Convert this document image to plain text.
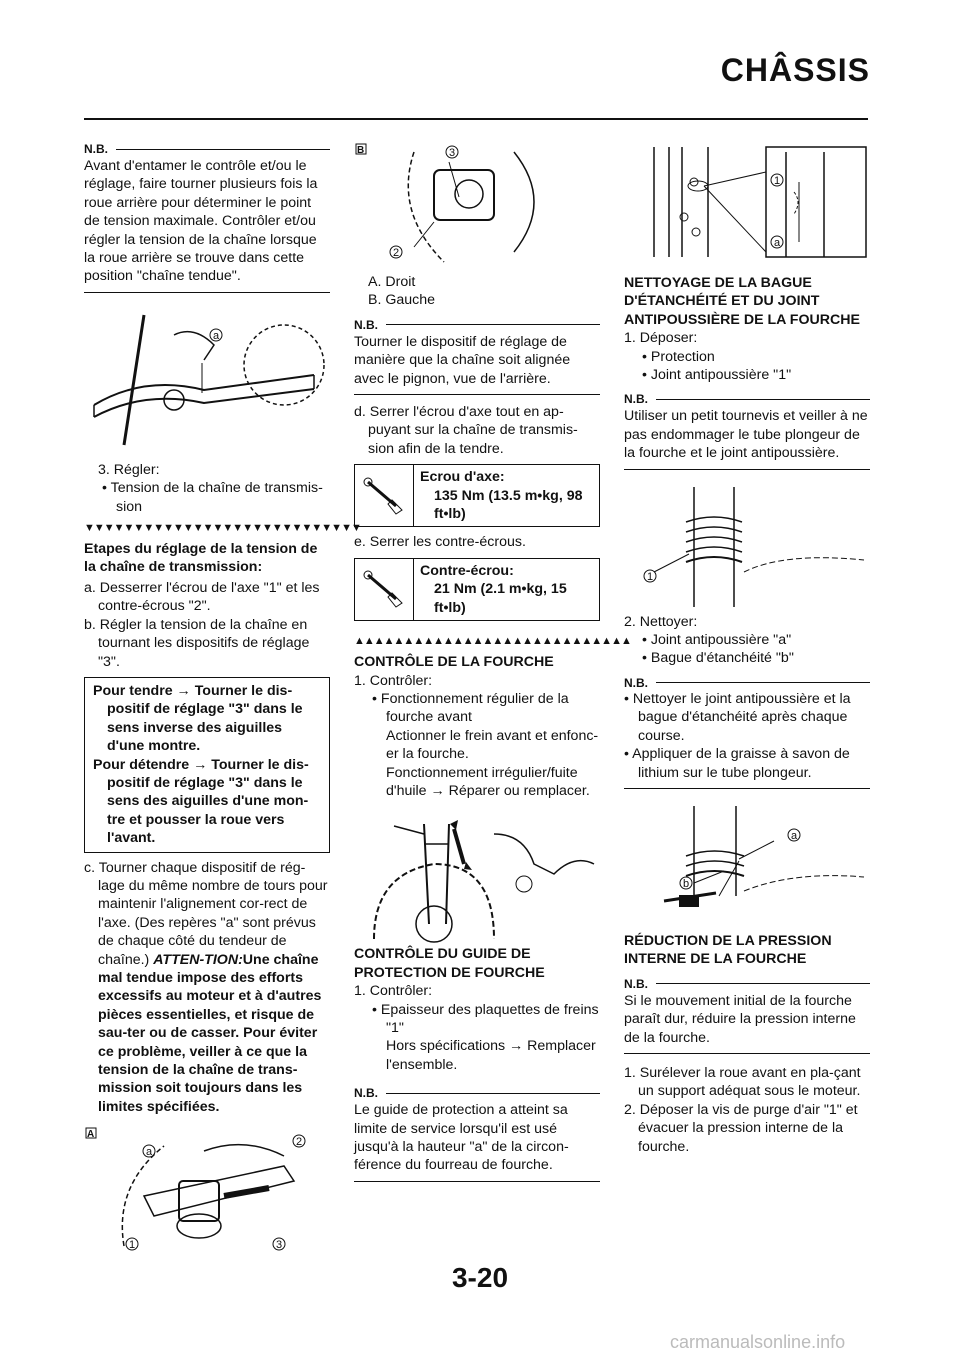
CHÂSSIS
N.B.
Avant d'entamer le contrôle et/ou le réglage, faire tourner plusieurs fois la roue arrière pour déterminer le point de tension maximale. Contrôler et/ou régler la tension de la chaîne lorsque la roue arrière se trouve dans cette position "chaîne tendue".
a
3. Régler:
• Tension de la chaîne de transmis-sion
▼▼▼▼▼▼▼▼▼▼▼▼▼▼▼▼▼▼▼▼▼▼▼▼▼▼▼▼
Etapes du réglage de la tension de la chaîne de transmission:
a. Desserrer l'écrou de l'axe "1" et les contre-écrous "2".
b. Régler la tension de la chaîne en tournant les dispositifs de réglage "3".
Pour tendre → Tourner le dis-
positif de réglage "3" dans le sens inverse des aiguilles d'une montre.
Pour détendre → Tourner le dis-
positif de réglage "3" dans le sens des aiguilles d'une mon-tre et pousser la roue vers l'avant.
c. Tourner chaque dispositif de rég-lage du même nombre de tours pour maintenir l'alignement cor-rect de l'axe. (Des repères "a" sont prévus de chaque côté du tendeur de chaîne.) ATTEN-TION:Une chaîne mal tendue impose des efforts excessifs au moteur et à d'autres pièces essentielles, et risque de sau-ter ou de casser. Pour éviter ce problème, veiller à ce que la tension de la chaîne de trans-mission soit toujours dans les limites spécifiées.
A
a
2
1	3
B	3
2
A. Droit
B. Gauche
N.B.
Tourner le dispositif de réglage de manière que la chaîne soit alignée avec le pignon, vue de l'arrière.
d. Serrer l'écrou d'axe tout en ap-puyant sur la chaîne de transmis-sion afin de la tendre.
Ecrou d'axe:
135 Nm (13.5 m•kg, 98 ft•lb)
e. Serrer les contre-écrous.
Contre-écrou:
21 Nm (2.1 m•kg, 15 ft•lb)
▲▲▲▲▲▲▲▲▲▲▲▲▲▲▲▲▲▲▲▲▲▲▲▲▲▲▲▲
CONTRÔLE DE LA FOURCHE
1. Contrôler:
• Fonctionnement régulier de la fourche avant
Actionner le frein avant et enfonc-er la fourche.
Fonctionnement irrégulier/fuite d'huile → Réparer ou remplacer.
CONTRÔLE DU GUIDE DE PROTECTION DE FOURCHE
1. Contrôler:
• Epaisseur des plaquettes de freins "1"
Hors spécifications → Remplacer l'ensemble.
N.B.
Le guide de protection a atteint sa limite de service lorsqu'il est usé jusqu'à la hauteur "a" de la circon-férence du fourreau de fourche.
1
a
NETTOYAGE DE LA BAGUE D'ÉTANCHÉITÉ ET DU JOINT ANTIPOUSSIÈRE DE LA FOURCHE
1. Déposer:
• Protection
• Joint antipoussière "1"
N.B.
Utiliser un petit tournevis et veiller à ne pas endommager le tube plongeur de la fourche et le joint antipoussière.
1
2. Nettoyer:
• Joint antipoussière "a"
• Bague d'étanchéité "b"
N.B.
• Nettoyer le joint antipoussière et la bague d'étanchéité après chaque course.
• Appliquer de la graisse à savon de lithium sur le tube plongeur.
a
b
RÉDUCTION DE LA PRESSION INTERNE DE LA FOURCHE
N.B.
Si le mouvement initial de la fourche paraît dur, réduire la pression interne de la fourche.
1. Surélever la roue avant en pla-çant un support adéquat sous le moteur.
2. Déposer la vis de purge d'air "1" et évacuer la pression interne de la fourche.
3-20
carmanualsonline.info
